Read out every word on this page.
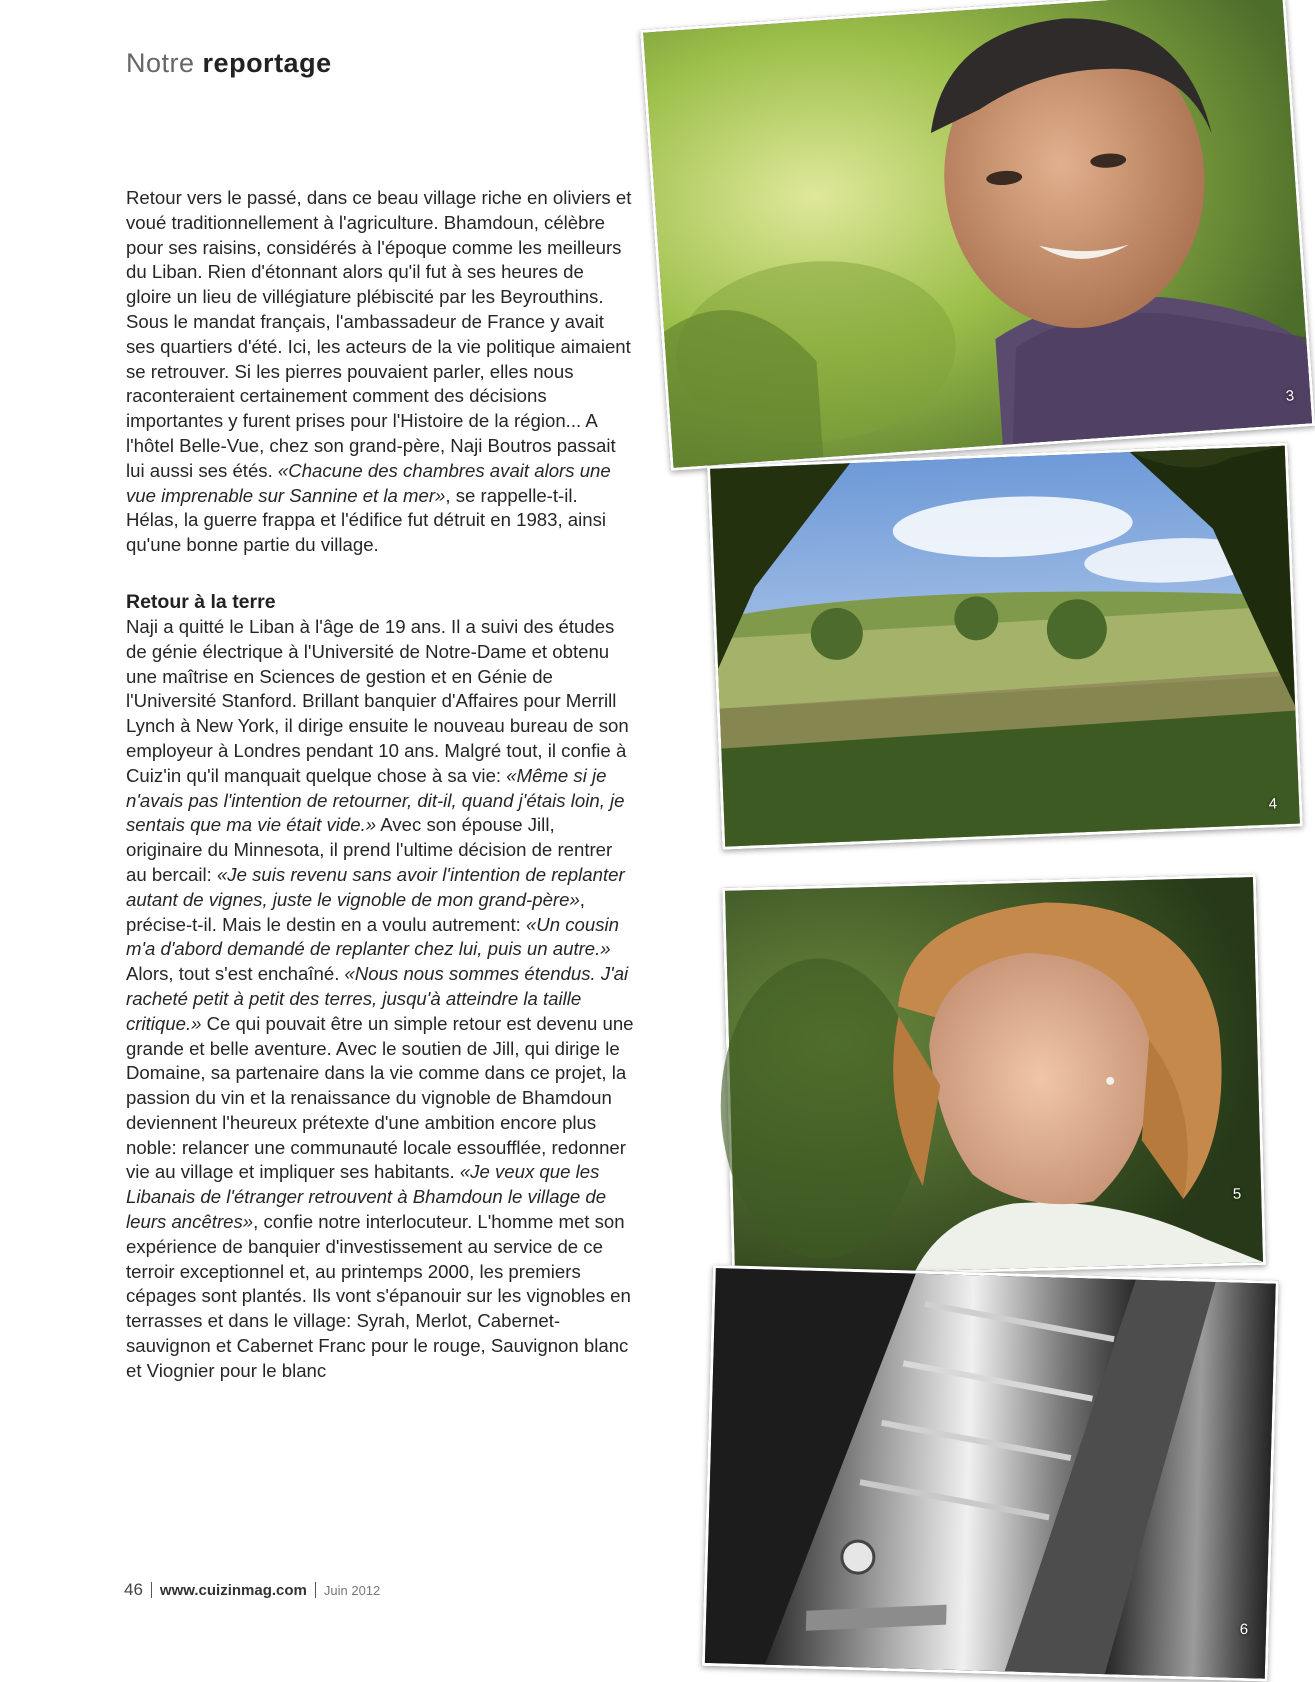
Notre reportage

Retour vers le passé, dans ce beau village riche en oliviers et voué traditionnellement à l'agriculture. Bhamdoun, célèbre pour ses raisins, considérés à l'époque comme les meilleurs du Liban. Rien d'étonnant alors qu'il fut à ses heures de gloire un lieu de villégiature plébiscité par les Beyrouthins. Sous le mandat français, l'ambassadeur de France y avait ses quartiers d'été. Ici, les acteurs de la vie politique aimaient se retrouver. Si les pierres pouvaient parler, elles nous raconteraient certainement comment des décisions importantes y furent prises pour l'Histoire de la région... A l'hôtel Belle-Vue, chez son grand-père, Naji Boutros passait lui aussi ses étés. «Chacune des chambres avait alors une vue imprenable sur Sannine et la mer», se rappelle-t-il. Hélas, la guerre frappa et l'édifice fut détruit en 1983, ainsi qu'une bonne partie du village.

Retour à la terre

Naji a quitté le Liban à l'âge de 19 ans. Il a suivi des études de génie électrique à l'Université de Notre-Dame et obtenu une maîtrise en Sciences de gestion et en Génie de l'Université Stanford. Brillant banquier d'Affaires pour Merrill Lynch à New York, il dirige ensuite le nouveau bureau de son employeur à Londres pendant 10 ans. Malgré tout, il confie à Cuiz'in qu'il manquait quelque chose à sa vie: «Même si je n'avais pas l'intention de retourner, dit-il, quand j'étais loin, je sentais que ma vie était vide.» Avec son épouse Jill, originaire du Minnesota, il prend l'ultime décision de rentrer au bercail: «Je suis revenu sans avoir l'intention de replanter autant de vignes, juste le vignoble de mon grand-père», précise-t-il. Mais le destin en a voulu autrement: «Un cousin m'a d'abord demandé de replanter chez lui, puis un autre.» Alors, tout s'est enchaîné. «Nous nous sommes étendus. J'ai racheté petit à petit des terres, jusqu'à atteindre la taille critique.» Ce qui pouvait être un simple retour est devenu une grande et belle aventure. Avec le soutien de Jill, qui dirige le Domaine, sa partenaire dans la vie comme dans ce projet, la passion du vin et la renaissance du vignoble de Bhamdoun deviennent l'heureux prétexte d'une ambition encore plus noble: relancer une communauté locale essoufflée, redonner vie au village et impliquer ses habitants. «Je veux que les Libanais de l'étranger retrouvent à Bhamdoun le village de leurs ancêtres», confie notre interlocuteur. L'homme met son expérience de banquier d'investissement au service de ce terroir exceptionnel et, au printemps 2000, les premiers cépages sont plantés. Ils vont s'épanouir sur les vignobles en terrasses et dans le village: Syrah, Merlot, Cabernet-sauvignon et Cabernet Franc pour le rouge, Sauvignon blanc et Viognier pour le blanc

46 www.cuizinmag.com Juin 2012
3
4
5
6
